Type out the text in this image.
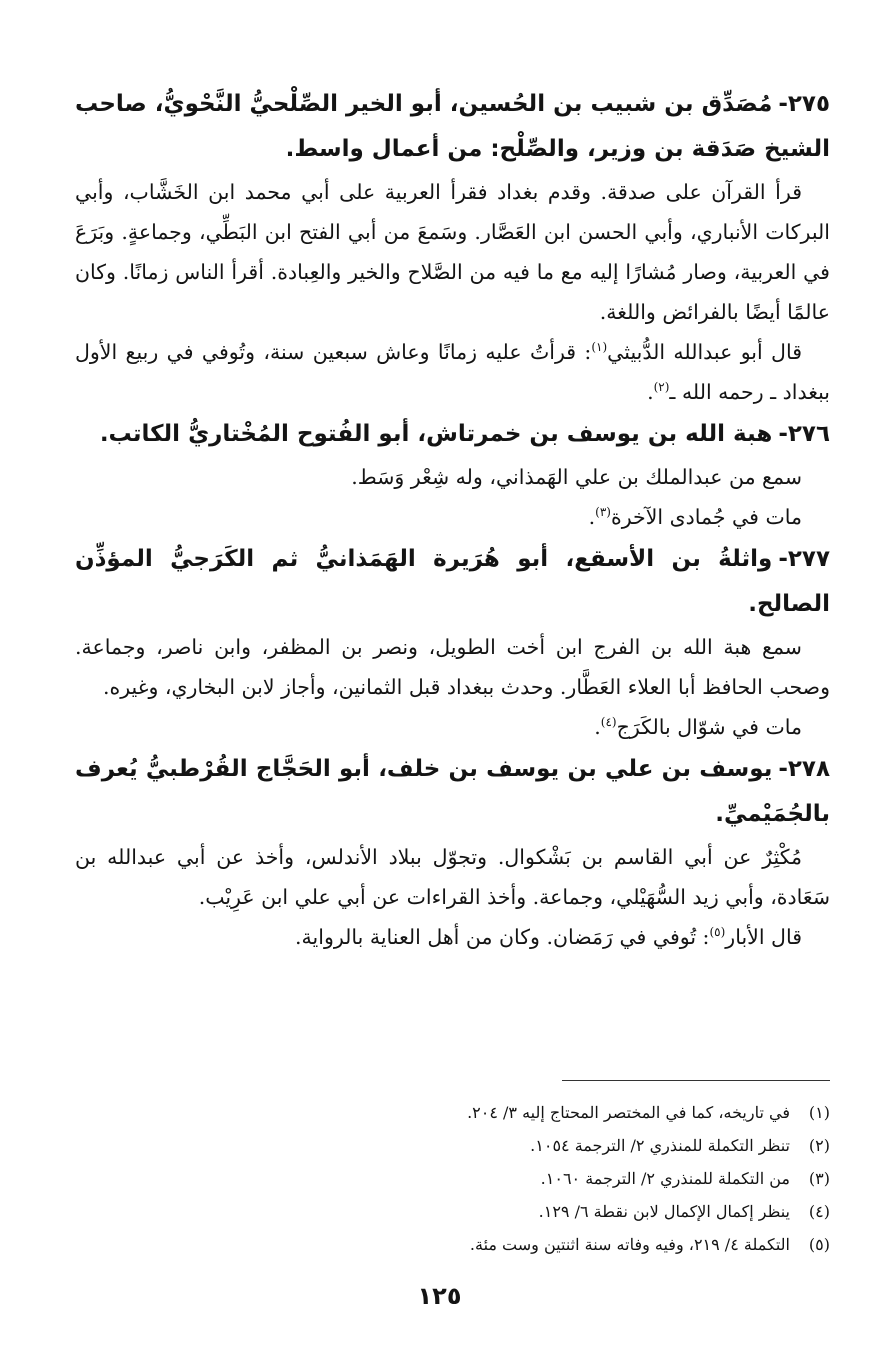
٢٧٥-مُصَدِّق بن شبيب بن الحُسين، أبو الخير الصِّلْحيُّ النَّحْويُّ، صاحب الشيخ صَدَقة بن وزير، والصِّلْح: من أعمال واسط.

قرأ القرآن على صدقة. وقدم بغداد فقرأ العربية على أبي محمد ابن الخَشَّاب، وأبي البركات الأنباري، وأبي الحسن ابن العَصَّار. وسَمعَ من أبي الفتح ابن البَطِّي، وجماعةٍ. وبَرَعَ في العربية، وصار مُشارًا إليه مع ما فيه من الصَّلاح والخير والعِبادة. أقرأ الناس زمانًا. وكان عالمًا أيضًا بالفرائض واللغة.

قال أبو عبدالله الدُّبيثي$^{(١)}$: قرأتُ عليه زمانًا وعاش سبعين سنة، وتُوفي في ربيع الأول ببغداد ـ رحمه الله ـ$^{(٢)}$.

٢٧٦-هبة الله بن يوسف بن خمرتاش، أبو الفُتوح المُخْتاريُّ الكاتب.

سمع من عبدالملك بن علي الهَمذاني، وله شِعْر وَسَط.

مات في جُمادى الآخرة$^{(٣)}$.

٢٧٧-واثلةُ بن الأسقع، أبو هُرَيرة الهَمَذانيُّ ثم الكَرَجيُّ المؤذِّن الصالح.

سمع هبة الله بن الفرج ابن أخت الطويل، ونصر بن المظفر، وابن ناصر، وجماعة. وصحب الحافظ أبا العلاء العَطَّار. وحدث ببغداد قبل الثمانين، وأجاز لابن البخاري، وغيره.

مات في شوّال بالكَرَج$^{(٤)}$.

٢٧٨-يوسف بن علي بن يوسف بن خلف، أبو الحَجَّاج القُرْطبيُّ يُعرف بالجُمَيْميِّ.

مُكْثِرٌ عن أبي القاسم بن بَشْكوال. وتجوّل ببلاد الأندلس، وأخذ عن أبي عبدالله بن سَعَادة، وأبي زيد السُّهَيْلي، وجماعة. وأخذ القراءات عن أبي علي ابن عَرِيْب.

قال الأبار$^{(٥)}$: تُوفي في رَمَضان. وكان من أهل العناية بالرواية.

(١)في تاريخه، كما في المختصر المحتاج إليه ٣/ ٢٠٤.

(٢)تنظر التكملة للمنذري ٢/ الترجمة ١٠٥٤.

(٣)من التكملة للمنذري ٢/ الترجمة ١٠٦٠.

(٤)ينظر إكمال الإكمال لابن نقطة ٦/ ١٢٩.

(٥)التكملة ٤/ ٢١٩، وفيه وفاته سنة اثنتين وست مئة.

١٢٥
